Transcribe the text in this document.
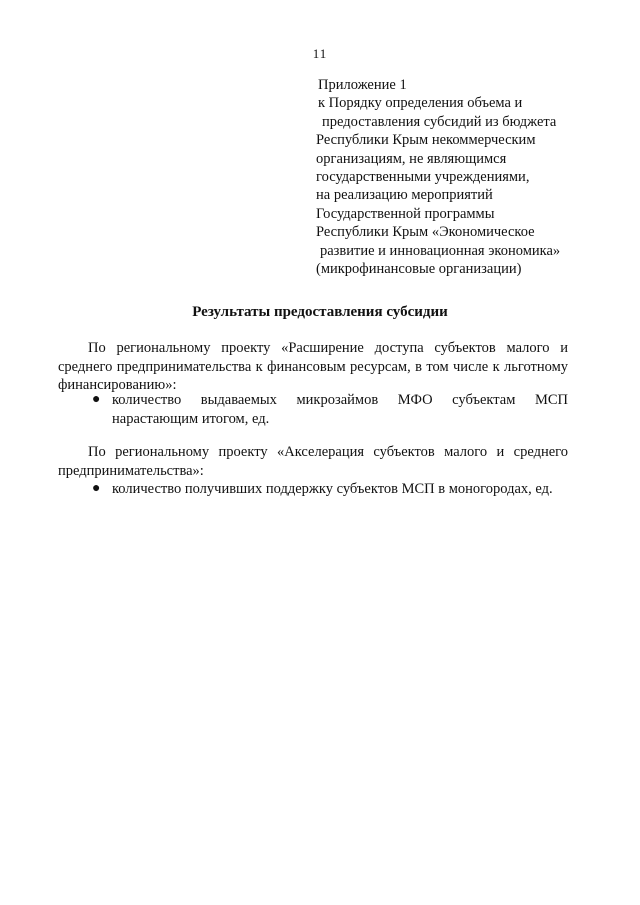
11
Приложение 1
к Порядку определения объема и
предоставления субсидий из бюджета
Республики Крым некоммерческим
организациям, не являющимся
государственными учреждениями,
на реализацию мероприятий
Государственной программы
Республики Крым «Экономическое
развитие и инновационная экономика»
(микрофинансовые организации)
Результаты предоставления субсидии
По региональному проекту «Расширение доступа субъектов малого и среднего предпринимательства к финансовым ресурсам, в том числе к льготному финансированию»:
● количество выдаваемых микрозаймов МФО субъектам МСП нарастающим итогом, ед.
По региональному проекту «Акселерация субъектов малого и среднего предпринимательства»:
● количество получивших поддержку субъектов МСП в моногородах, ед.
